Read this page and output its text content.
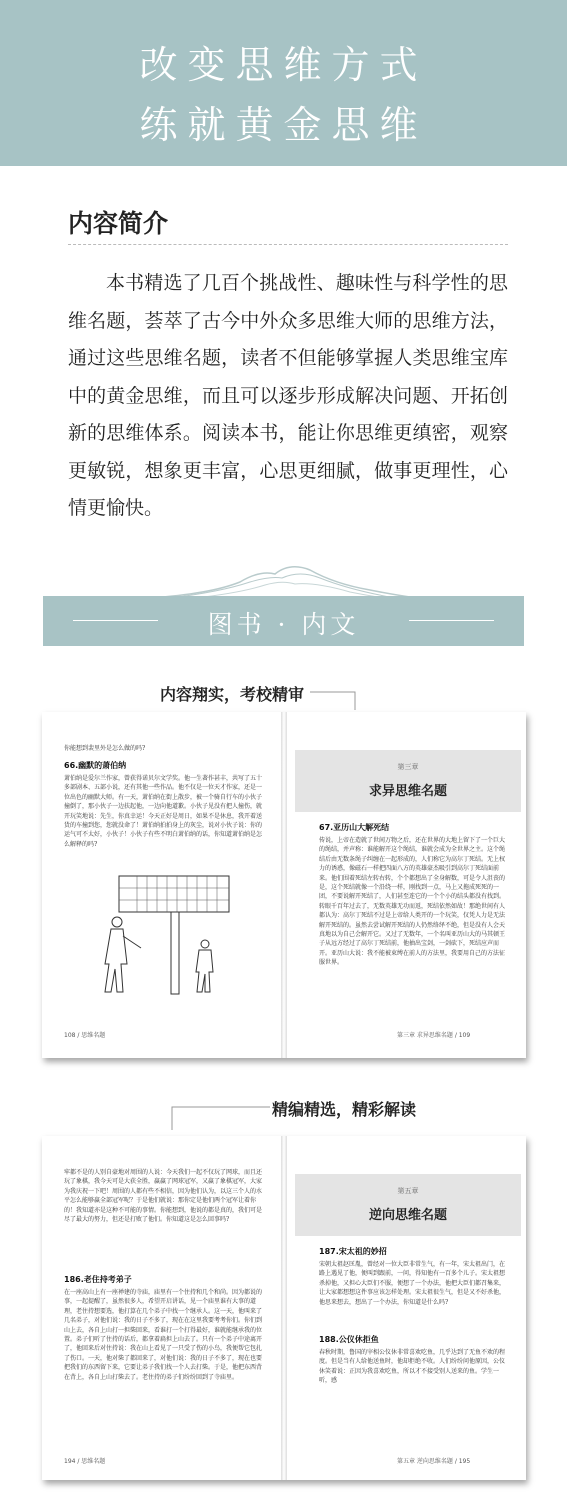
改变思维方式
练就黄金思维
内容简介
本书精选了几百个挑战性、趣味性与科学性的思维名题，荟萃了古今中外众多思维大师的思维方法，通过这些思维名题，读者不但能够掌握人类思维宝库中的黄金思维，而且可以逐步形成解决问题、开拓创新的思维体系。阅读本书，能让你思维更缜密，观察更敏锐，想象更丰富，心思更细腻，做事更理性，心情更愉快。
图书 · 内文
内容翔实，考校精审
你能想到裴里外是怎么做的吗?
66.幽默的萧伯纳
萧伯纳是爱尔兰作家，曾获得诺贝尔文学奖。他一生著作甚丰，共写了五十多部剧本、五部小说，还有其他一些作品。他不仅是一位天才作家，还是一位出色的幽默大师。有一天，萧伯纳在街上散步，被一个骑自行车的小伙子撞倒了，那小伙子一边扶起他，一边向他道歉。小伙子见没有把人撞伤，就开玩笑地说：先生，你真幸运！今天正好是周日，如果不是休息，我开着送货的车撞到您，您就没命了！萧伯纳拍拍身上的灰尘，说对小伙子说：你的运气可不太好，小伙子！小伙子有些不明白萧伯纳的话，你知道萧伯纳是怎么解释的吗?
108 / 思维名题
第三章
求异思维名题
67.亚历山大解死结
传说，上帝在造就了世间万物之后，还在世界的大地上留下了一个巨大的绳结，并声称：谁能解开这个绳结，谁就会成为全世界之主。这个绳结后由无数条绳子纠缠在一起形成的，人们称它为高尔丁死结。无上权力的诱惑，像磁石一样把四面八方的英雄豪杰吸引到高尔丁死结面前来。他们围着死结左转右转，个个都想出了全身解数，可是令人沮丧的是，这个死结就像一个沿绕一样，刚找到一点，马上又拖成死死的一团，不要说解开死结了，人们甚至连它的一个个小的结头都没有找到。转眼千百年过去了，无数英雄无功而返，死结依然如故！那绝世间有人都认为：高尔丁死结不过是上帝给人类开的一个玩笑，仅凭人力是无法解开死结的。虽然去尝试解开死结的人仍然络绎不绝，但是没有人会天真地以为自己会解开它。又过了无数年，一个名叫亚历山大的马其顿王子从远方经过了高尔丁死结前，他抽出宝剑，一剑砍下，死结应声而开。亚历山大说：我不能被束缚在前人的方法里，我要用自己的方法征服世界。
第三章 求异思维名题 / 109
精编精选，精彩解读
牢都不是的人别自豪地对周围的人说：今天我们一起不仅玩了网球，而且还玩了象棋，我今天可是大获全胜，赢赢了网球冠军，又赢了象棋冠军，大家为我庆祝一下吧！周围的人都有些不相信，因为他们认为，以这三个人的水平怎么能够赢全部冠军呢？于是他们就说：那你定是他们两个冠军让着你的！我知道亦是这种不可能的事情。你能想到，他说的都是真的，我们可是尽了最大的努力，但还是打败了他们。你知道这是怎么回事吗?
186.老住持考弟子
在一座高山上有一座禅建的寺庙，庙里有一个住持和几个和尚。因为都说的事，一起提醒了，虽然很多人，希望开启讲话，见一个庙里谁有大事的道理，老住持想要选，他打算在几个弟子中找一个继承人。这一天，他叫来了几名弟子，对他们说：我的日子不多了，现在在这里我要考考你们。你们到山上去，各自上山打一担柴回来，看谁打一个打得最好，谁就能继承我的位置。弟子们听了住持的话后，都拿着扁担上山去了。只有一个弟子中途离开了，他回来后对住持说：我在山上看见了一只受了伤的小鸟，我便帮它包扎了伤口。一天，他对柴了都回来了，对他们说：我的日子不多了，现在也要把我们的东西留下来，它要让弟子我们找一个人去打柴。于是，他把东西背在背上，各自上山打柴去了。老住持的弟子们纷纷回到了寺庙里。
194 / 思维名题
第五章
逆向思维名题
187.宋太祖的妙招
宋朝太祖赵匡胤，曾经对一位大臣非常生气，有一年，宋太祖出门，在路上遇见了他，便叫到跟前，一问，得知他有一百多个儿子。宋太祖想杀掉他，又担心大臣们不服，便想了一个办法，他把大臣们都召集来，让大家都想想这件事应该怎样处理。宋太祖很生气，但是又不好杀他，他思来想去，想出了一个办法，你知道是什么吗?
188.公仪休拒鱼
春秋时期，鲁国的宰相公仪休非常喜欢吃鱼，几乎达到了无鱼不欢的程度。但是当有人给他送鱼时，他却拒绝不收。人们纷纷问他原因，公仪休笑着说：正因为我喜欢吃鱼，所以才不接受别人送来的鱼。学生一听，感
第五章 逆向思维名题 / 195
